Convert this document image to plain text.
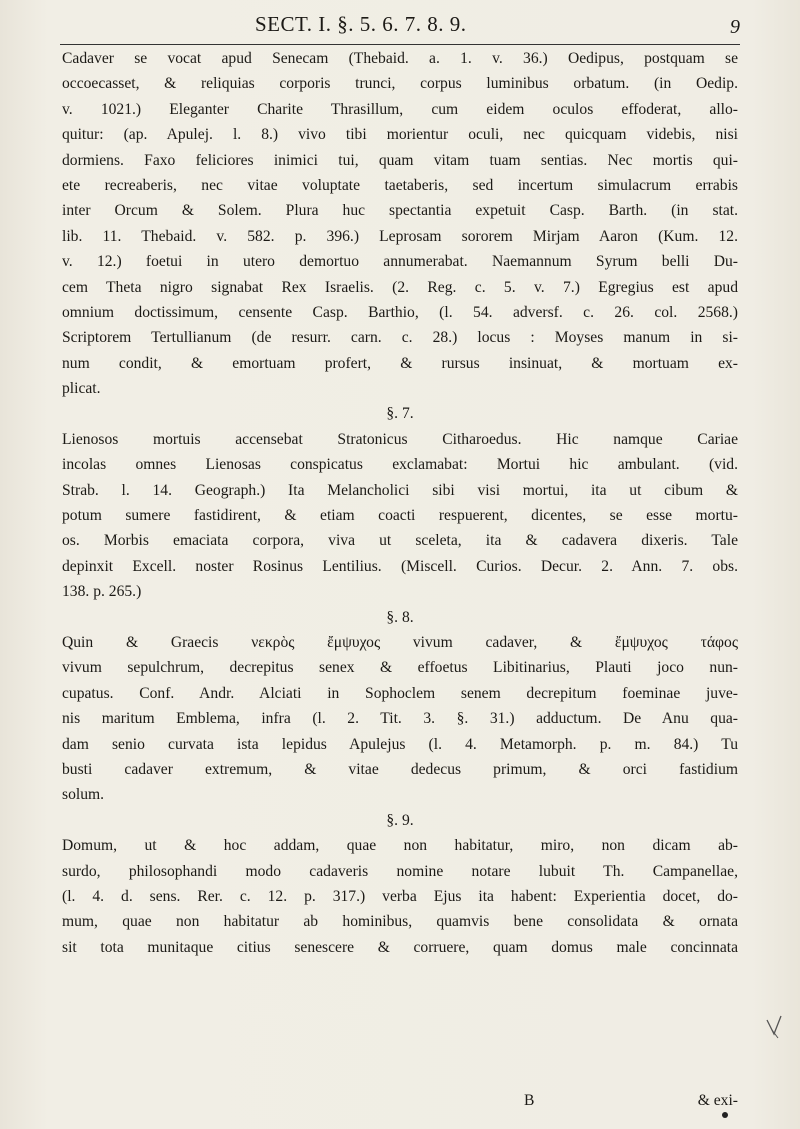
SECT. I. §. 5. 6. 7. 8. 9.	9
Cadaver se vocat apud Senecam (Thebaid. a. 1. v. 36.) Oedipus, postquam se
occoecasset, & reliquias corporis trunci, corpus luminibus orbatum. (in Oedip.
v. 1021.) Eleganter Charite Thrasillum, cum eidem oculos effoderat, allo-
quitur: (ap. Apulej. l. 8.) vivo tibi morientur oculi, nec quicquam videbis, nisi
dormiens. Faxo feliciores inimici tui, quam vitam tuam sentias. Nec mortis qui-
ete recreaberis, nec vitae voluptate taetaberis, sed incertum simulacrum errabis
inter Orcum & Solem. Plura huc spectantia expetuit Casp. Barth. (in stat.
lib. 11. Thebaid. v. 582. p. 396.) Leprosam sororem Mirjam Aaron (Kum. 12.
v. 12.) foetui in utero demortuo annumerabat. Naemannum Syrum belli Du-
cem Theta nigro signabat Rex Israelis. (2. Reg. c. 5. v. 7.) Egregius est apud
omnium doctissimum, censente Casp. Barthio, (l. 54. adversf. c. 26. col. 2568.)
Scriptorem Tertullianum (de resurr. carn. c. 28.) locus : Moyses manum in si-
num condit, & emortuam profert, & rursus insinuat, & mortuam ex-
plicat.
§. 7.
Lienosos mortuis accensebat Stratonicus Citharoedus. Hic namque Cariae
incolas omnes Lienosas conspicatus exclamabat: Mortui hic ambulant. (vid.
Strab. l. 14. Geograph.) Ita Melancholici sibi visi mortui, ita ut cibum &
potum sumere fastidirent, & etiam coacti respuerent, dicentes, se esse mortu-
os. Morbis emaciata corpora, viva ut sceleta, ita & cadavera dixeris. Tale
depinxit Excell. noster Rosinus Lentilius. (Miscell. Curios. Decur. 2. Ann. 7. obs.
138. p. 265.)
§. 8.
Quin & Graecis νεκρὸς ἔμψυχος vivum cadaver, & ἔμψυχος τάφος
vivum sepulchrum, decrepitus senex & effoetus Libitinarius, Plauti joco nun-
cupatus. Conf. Andr. Alciati in Sophoclem senem decrepitum foeminae juve-
nis maritum Emblema, infra (l. 2. Tit. 3. §. 31.) adductum. De Anu qua-
dam senio curvata ista lepidus Apulejus (l. 4. Metamorph. p. m. 84.) Tu
busti cadaver extremum, & vitae dedecus primum, & orci fastidium
solum.
§. 9.
Domum, ut & hoc addam, quae non habitatur, miro, non dicam ab-
surdo, philosophandi modo cadaveris nomine notare lubuit Th. Campanellae,
(l. 4. d. sens. Rer. c. 12. p. 317.) verba Ejus ita habent: Experientia docet, do-
mum, quae non habitatur ab hominibus, quamvis bene consolidata & ornata
sit tota munitaque citius senescere & corruere, quam domus male concinnata
B	& exi-
